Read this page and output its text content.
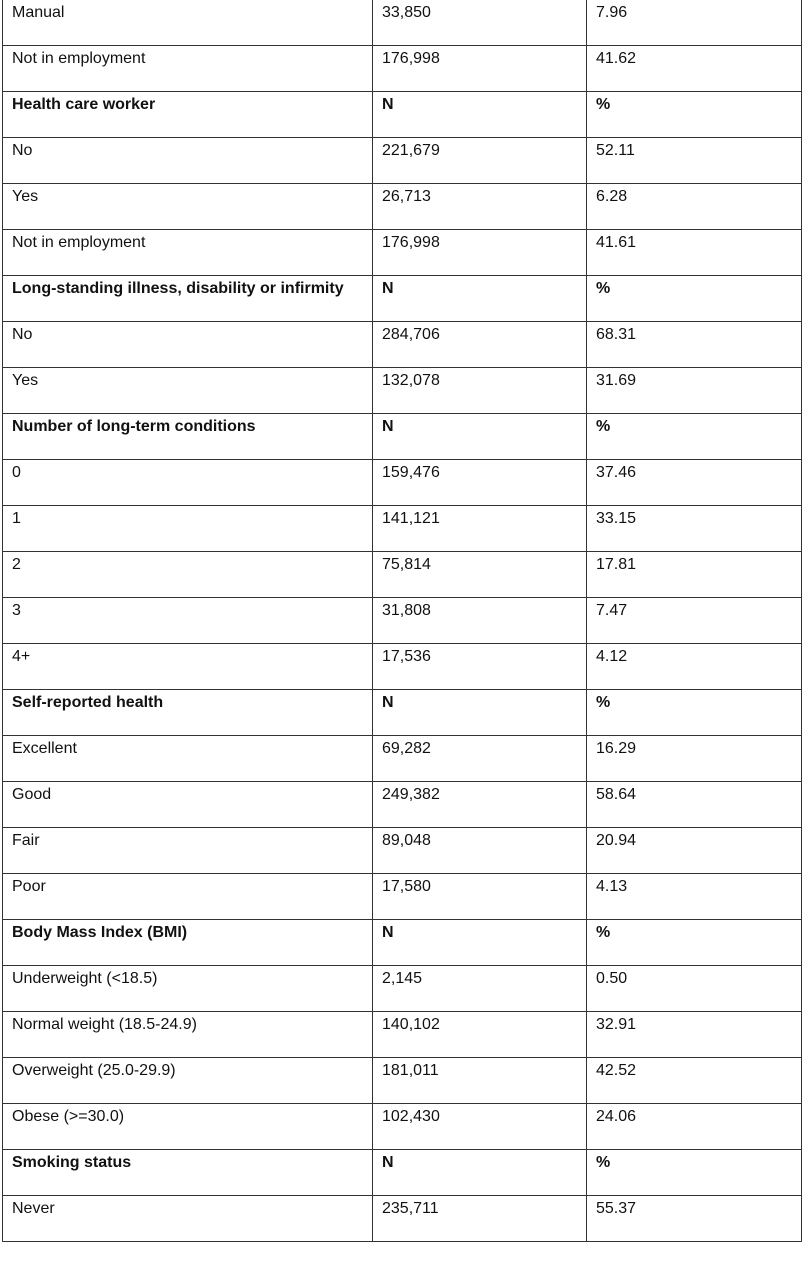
Manual	33,850	7.96

Not in employment	176,998	41.62

Health care worker	N	%

No	221,679	52.11

Yes	26,713	6.28

Not in employment	176,998	41.61

Long-standing illness, disability or infirmity	N	%

No	284,706	68.31

Yes	132,078	31.69

Number of long-term conditions	N	%

0	159,476	37.46

1	141,121	33.15

2	75,814	17.81

3	31,808	7.47

4+	17,536	4.12

Self-reported health	N	%

Excellent	69,282	16.29

Good	249,382	58.64

Fair	89,048	20.94

Poor	17,580	4.13

Body Mass Index (BMI)	N	%

Underweight (<18.5)	2,145	0.50

Normal weight (18.5-24.9)	140,102	32.91

Overweight (25.0-29.9)	181,011	42.52

Obese (>=30.0)	102,430	24.06

Smoking status	N	%

Never	235,711	55.37
